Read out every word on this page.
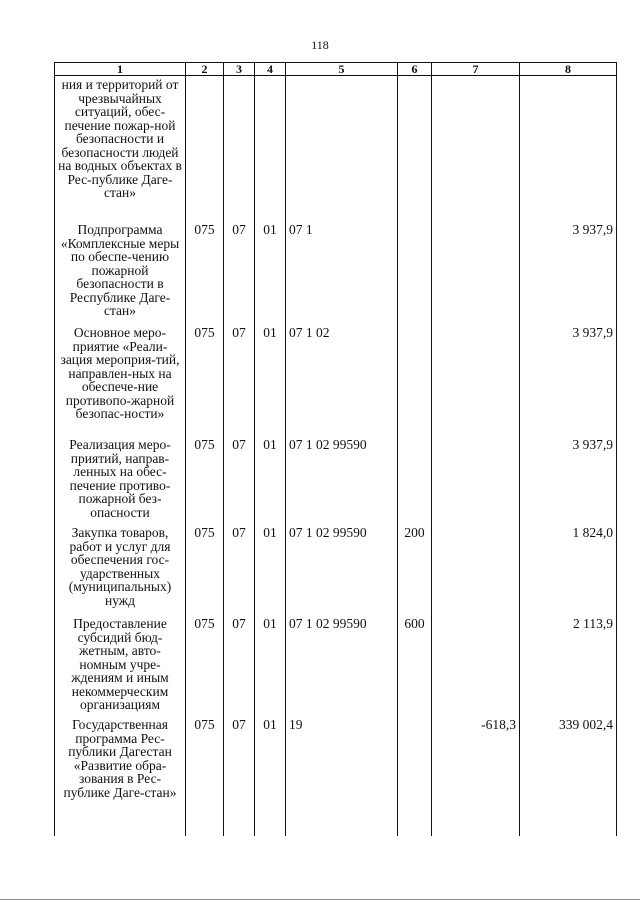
118
1	2	3	4	5	6	7	8
ния и территорий от чрезвычайных ситуаций, обес-печение пожар-ной безопасности и безопасности людей на водных объектах в Рес-публике Даге-стан»							
Подпрограмма «Комплексные меры по обеспе-чению пожарной безопасности в Республике Даге-стан»	075	07	01	07 1			3 937,9
Основное меро-приятие «Реали-зация мероприя-тий, направлен-ных на обеспече-ние противопо-жарной безопас-ности»	075	07	01	07 1 02			3 937,9
Реализация меро-приятий, направ-ленных на обес-печение противо-пожарной без-опасности	075	07	01	07 1 02 99590			3 937,9
Закупка товаров, работ и услуг для обеспечения гос-ударственных (муниципальных) нужд	075	07	01	07 1 02 99590	200		1 824,0
Предоставление субсидий бюд-жетным, авто-номным учре-ждениям и иным некоммерческим организациям	075	07	01	07 1 02 99590	600		2 113,9
Государственная программа Рес-публики Дагестан «Развитие обра-зования в Рес-публике Даге-стан»	075	07	01	19		-618,3	339 002,4
